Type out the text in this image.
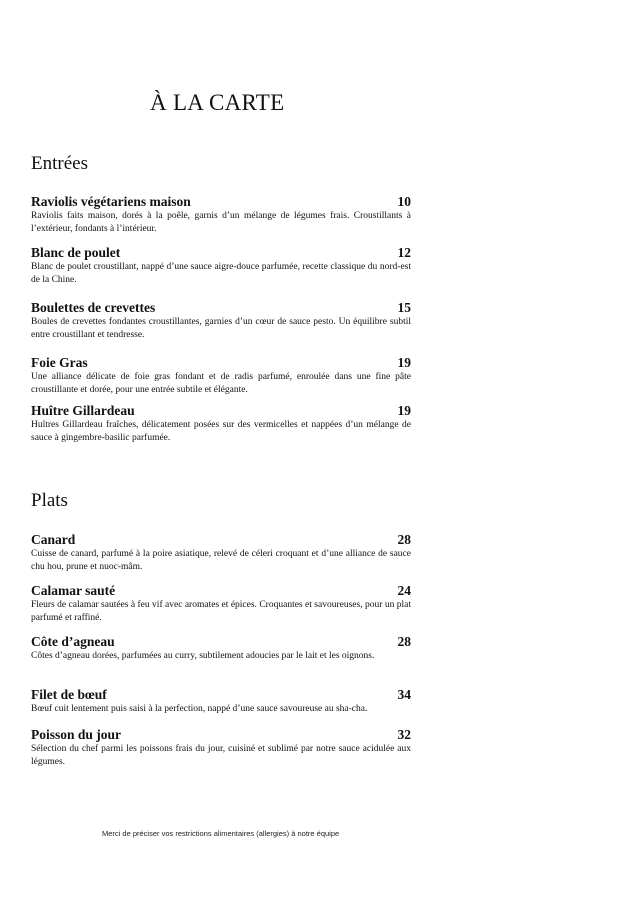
À LA CARTE
Entrées
Raviolis végétariens maison	10

Raviolis faits maison, dorés à la poêle, garnis d’un mélange de légumes frais. Croustillants à l’extérieur, fondants à l’intérieur.

Blanc de poulet	12

Blanc de poulet croustillant, nappé d’une sauce aigre-douce parfumée, recette classique du nord-est de la Chine.

Boulettes de crevettes	15

Boules de crevettes fondantes croustillantes, garnies d’un cœur de sauce pesto. Un équilibre subtil entre croustillant et tendresse.

Foie Gras	19

Une alliance délicate de foie gras fondant et de radis parfumé, enroulée dans une fine pâte croustillante et dorée, pour une entrée subtile et élégante.

Huître Gillardeau	19

Huîtres Gillardeau fraîches, délicatement posées sur des vermicelles et nappées d’un mélange de sauce à gingembre-basilic parfumée.

Plats
Canard	28

Cuisse de canard, parfumé à la poire asiatique, relevé de céleri croquant et d’une alliance de sauce chu hou, prune et nuoc-mâm.

Calamar sauté	24

Fleurs de calamar sautées à feu vif avec aromates et épices. Croquantes et savoureuses, pour un plat parfumé et raffiné.

Côte d’agneau	28

Côtes d’agneau dorées, parfumées au curry, subtilement adoucies par le lait et les oignons.

Filet de bœuf	34

Bœuf cuit lentement puis saisi à la perfection, nappé d’une sauce savoureuse au sha-cha.

Poisson du jour	32

Sélection du chef parmi les poissons frais du jour, cuisiné et sublimé par notre sauce acidulée aux légumes.

Merci de préciser vos restrictions alimentaires (allergies) à notre équipe
